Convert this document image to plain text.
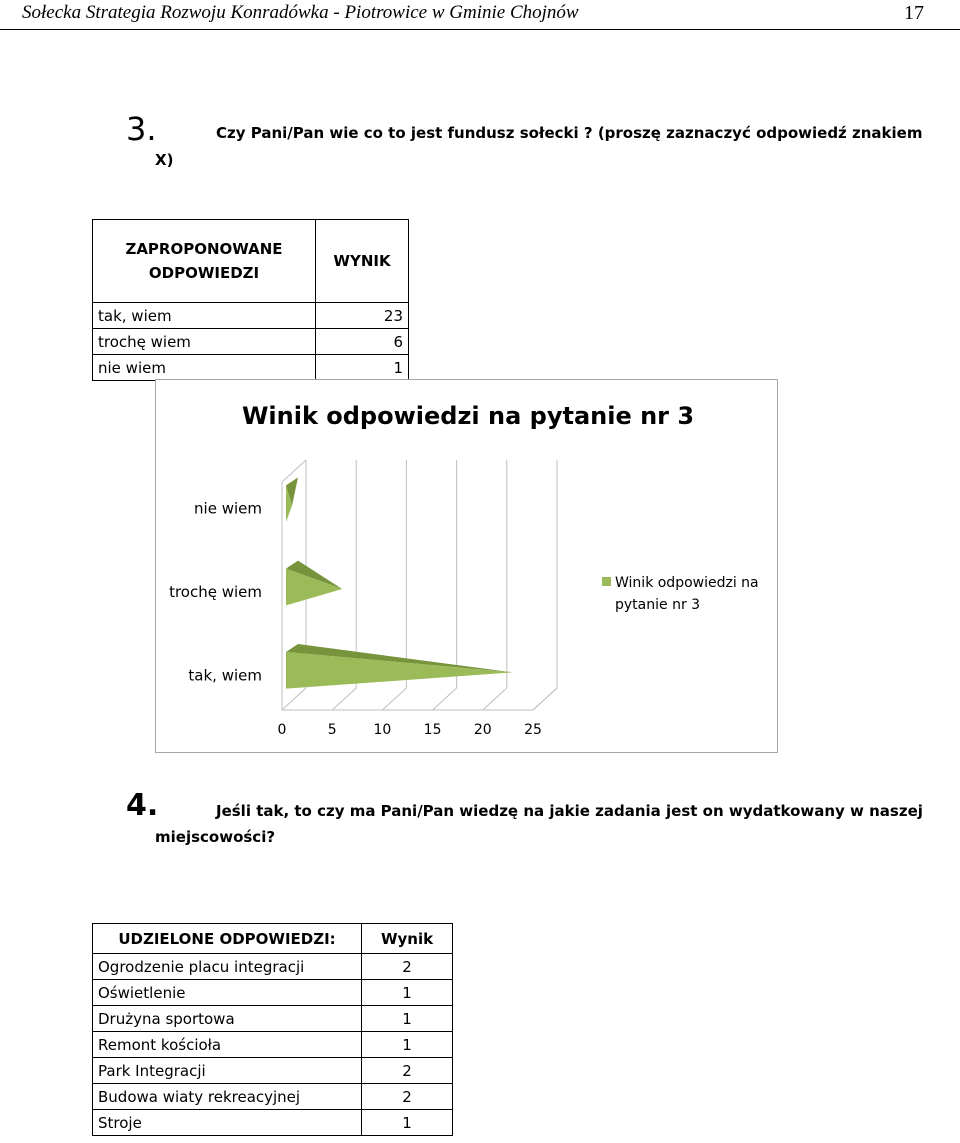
Sołecka Strategia Rozwoju Konradówka - Piotrowice w Gminie Chojnów	17
3.	Czy Pani/Pan wie co to jest fundusz sołecki ? (proszę zaznaczyć odpowiedź znakiem
X)
ZAPROPONOWANE
ODPOWIEDZI	WYNIK
tak, wiem	23
trochę wiem	6
nie wiem	1
Winik odpowiedzi na pytanie nr 3
0	5	10 15 20 25
tak, wiem
trochę wiem
nie wiem
Winik odpowiedzi na
pytanie nr 3
4.	Jeśli tak, to czy ma Pani/Pan wiedzę na jakie zadania jest on wydatkowany w naszej
miejscowości?
UDZIELONE ODPOWIEDZI:	Wynik
Ogrodzenie placu integracji	2
Oświetlenie	1
Drużyna sportowa	1
Remont kościoła	1
Park Integracji	2
Budowa wiaty rekreacyjnej	2
Stroje	1
